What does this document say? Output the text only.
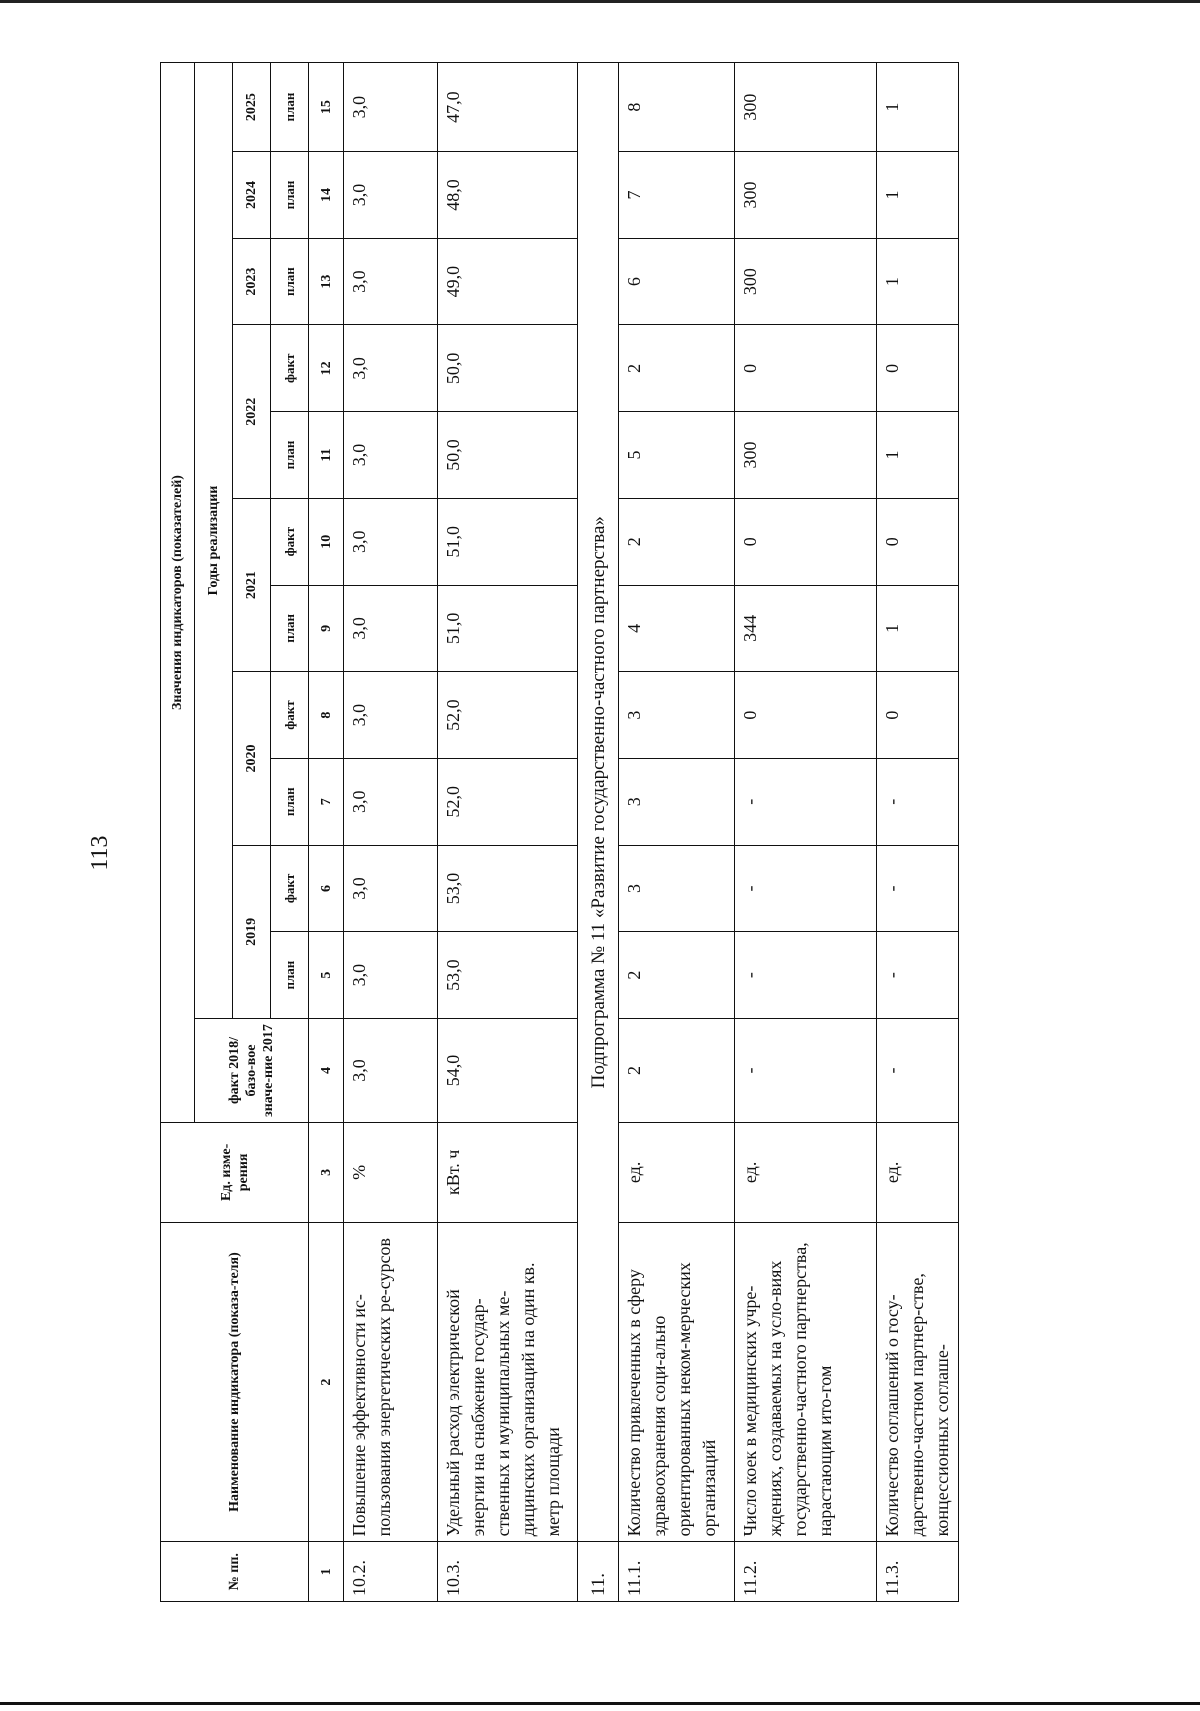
113
№ пп.	Наименование индикатора (показа-теля)	Ед. изме-рения	Значения индикаторов (показателей)											
			факт 2018/базо-вое значе-ние 2017	Годы реализации										
				2019		2020		2021		2022		2023	2024	2025
				план	факт	план	факт	план	факт	план	факт	план	план	план
1	2	3	4	5	6	7	8	9	10	11	12	13	14	15
10.2.	Повышение эффективности ис-пользования энергетических ре-сурсов	%	3,0	3,0	3,0	3,0	3,0	3,0	3,0	3,0	3,0	3,0	3,0	3,0
10.3.	Удельный расход электрической энергии на снабжение государ-ственных и муниципальных ме-дицинских организаций на один кв. метр площади	кВт. ч	54,0	53,0	53,0	52,0	52,0	51,0	51,0	50,0	50,0	49,0	48,0	47,0
11.	Подпрограмма № 11 «Развитие государственно-частного партнерства»													
11.1.	Количество привлеченных в сферу здравоохранения соци-ально ориентированных неком-мерческих организаций	ед.	2	2	3	3	3	4	2	5	2	6	7	8
11.2.	Число коек в медицинских учре-ждениях, создаваемых на усло-виях государственно-частного партнерства, нарастающим ито-гом	ед.	-	-	-	-	0	344	0	300	0	300	300	300
11.3.	Количество соглашений о госу-дарственно-частном партнер-стве, концессионных соглаше-	ед.	-	-	-	-	0	1	0	1	0	1	1	1
